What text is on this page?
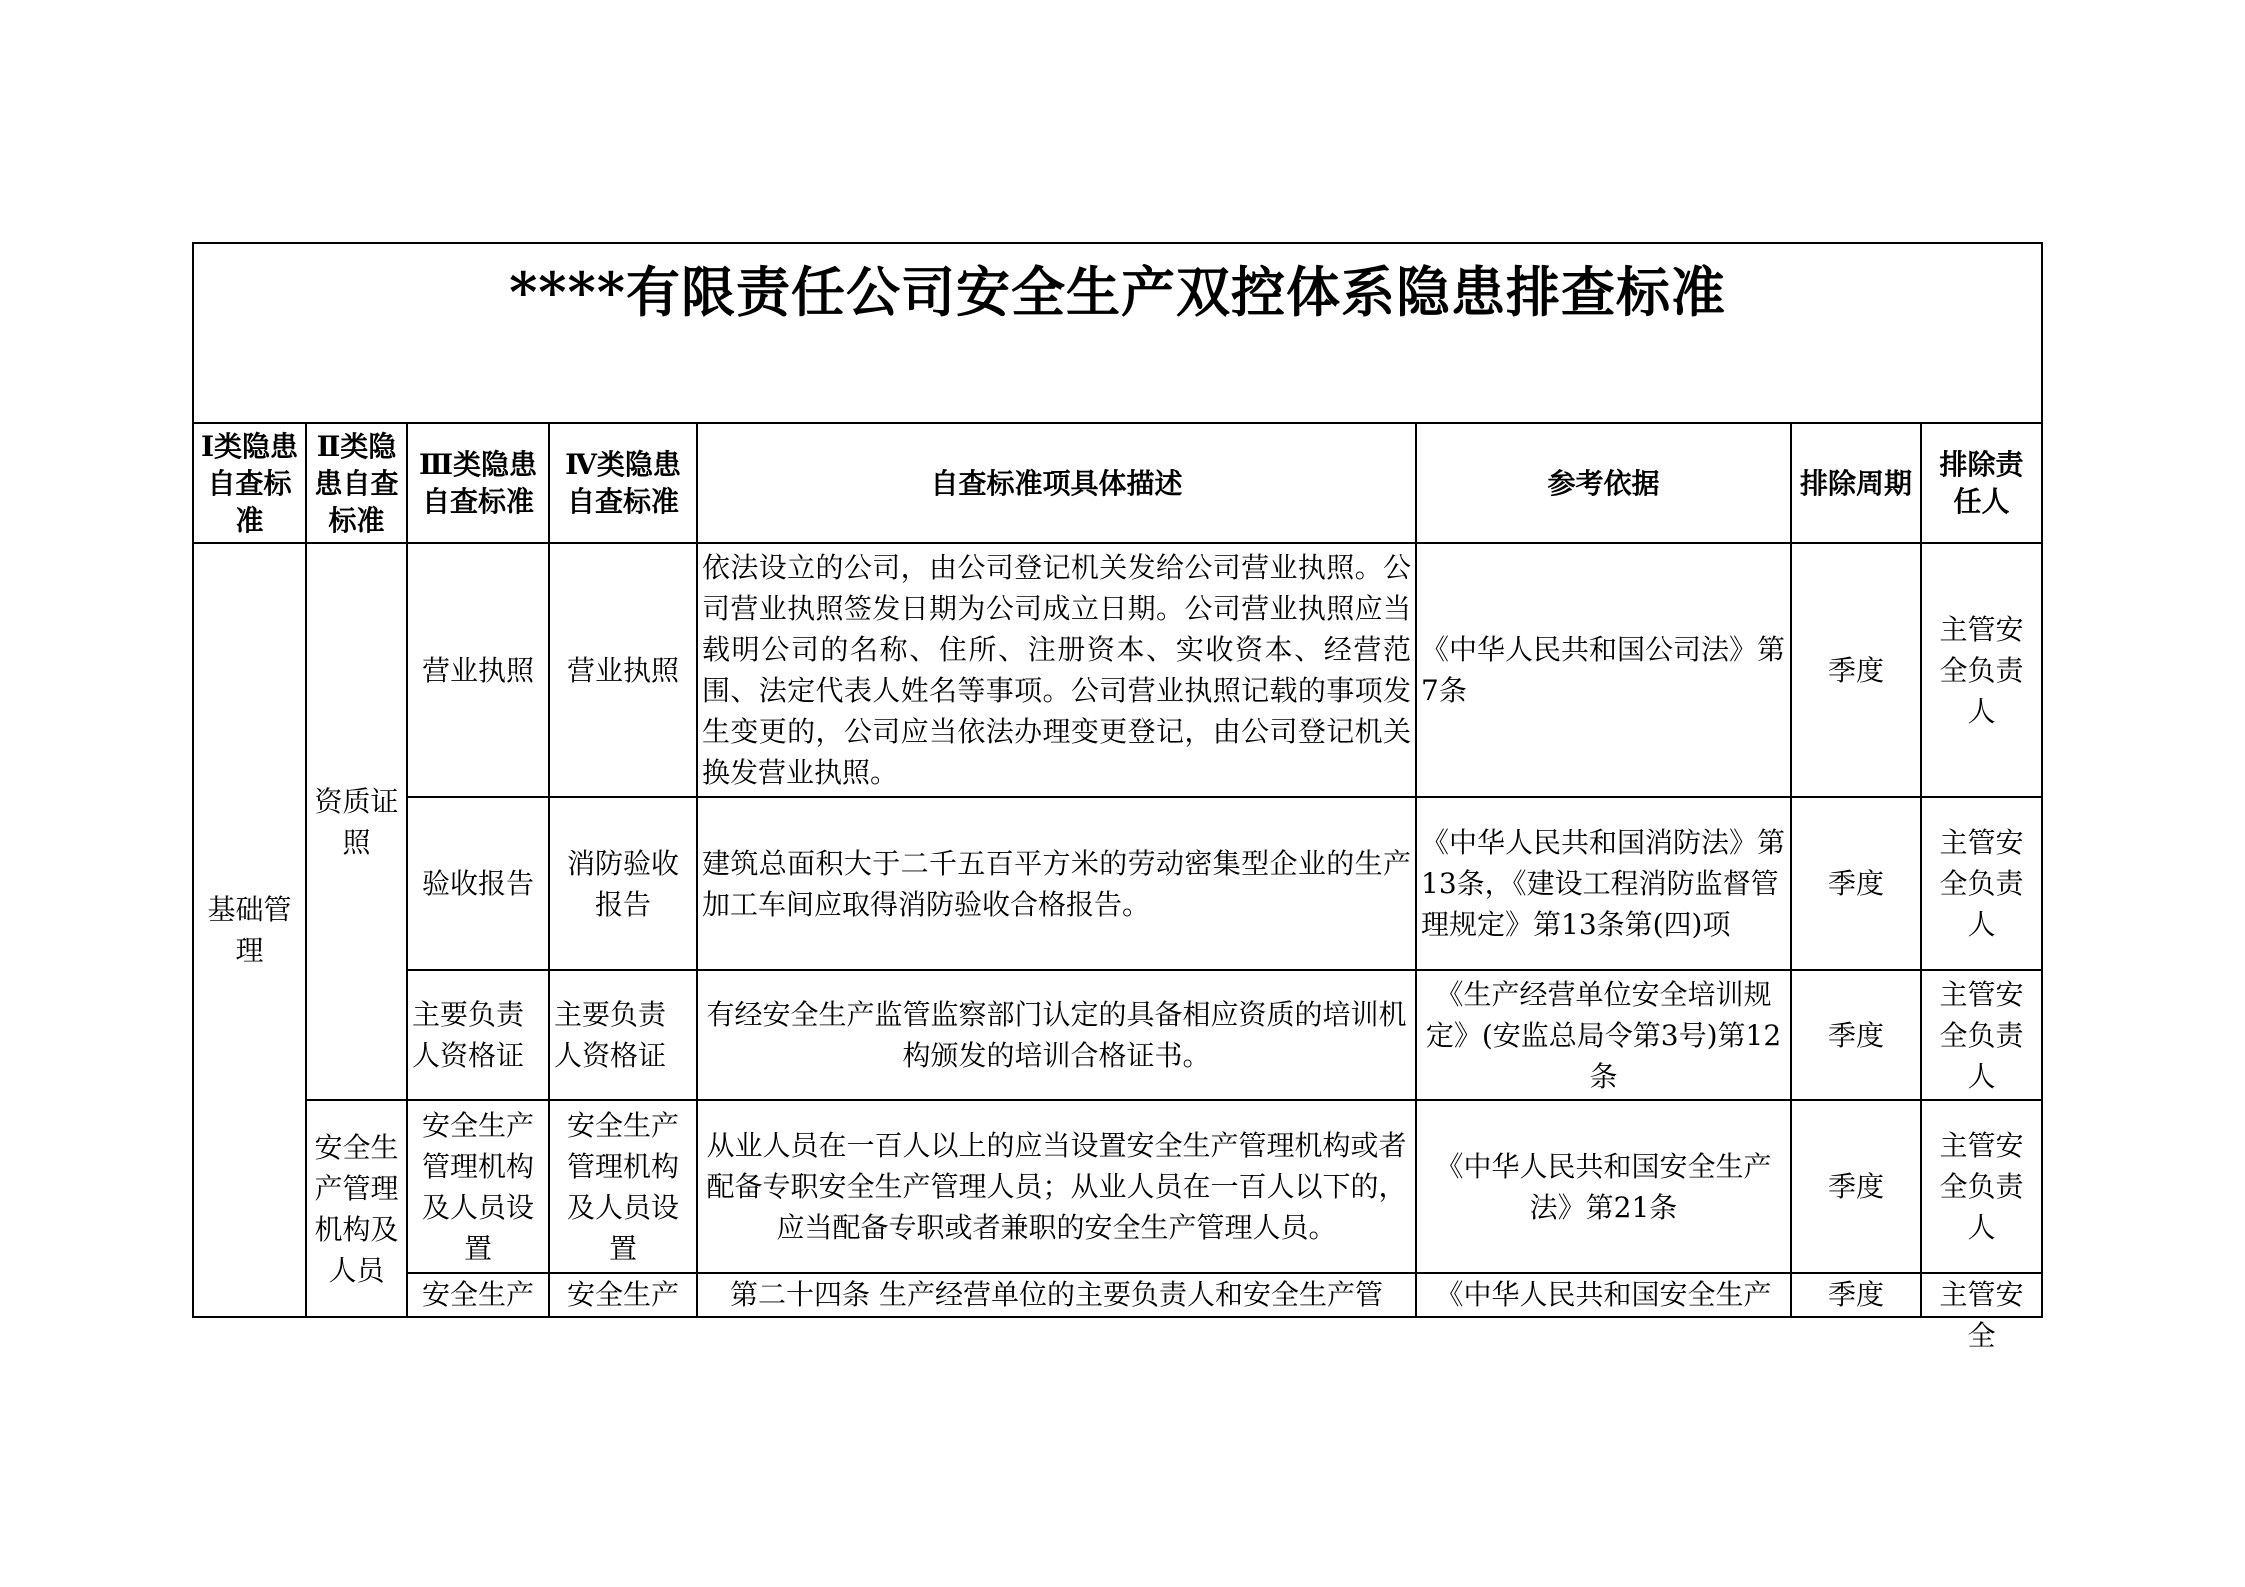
****有限责任公司安全生产双控体系隐患排查标准							
Ⅰ类隐患自查标准	Ⅱ类隐患自查标准	Ⅲ类隐患自查标准	Ⅳ类隐患自查标准	自查标准项具体描述	参考依据	排除周期	排除责任人
基础管理	资质证照	营业执照	营业执照	依法设立的公司，由公司登记机关发给公司营业执照。公司营业执照签发日期为公司成立日期。公司营业执照应当载明公司的名称、住所、注册资本、实收资本、经营范围、法定代表人姓名等事项。公司营业执照记载的事项发生变更的，公司应当依法办理变更登记，由公司登记机关换发营业执照。	《中华人民共和国公司法》第7条	季度	主管安全负责人
		验收报告	消防验收报告	建筑总面积大于二千五百平方米的劳动密集型企业的生产加工车间应取得消防验收合格报告。	《中华人民共和国消防法》第13条，《建设工程消防监督管理规定》第13条第(四)项	季度	主管安全负责人
		主要负责人资格证	主要负责人资格证	有经安全生产监管监察部门认定的具备相应资质的培训机构颁发的培训合格证书。	《生产经营单位安全培训规定》(安监总局令第3号)第12条	季度	主管安全负责人
	安全生产管理机构及人员	安全生产管理机构及人员设置	安全生产管理机构及人员设置	从业人员在一百人以上的应当设置安全生产管理机构或者配备专职安全生产管理人员；从业人员在一百人以下的，应当配备专职或者兼职的安全生产管理人员。	《中华人民共和国安全生产法》第21条	季度	主管安全负责人

		安全生产	安全生产	第二十四条 生产经营单位的主要负责人和安全生产管	《中华人民共和国安全生产	季度	主管安全
